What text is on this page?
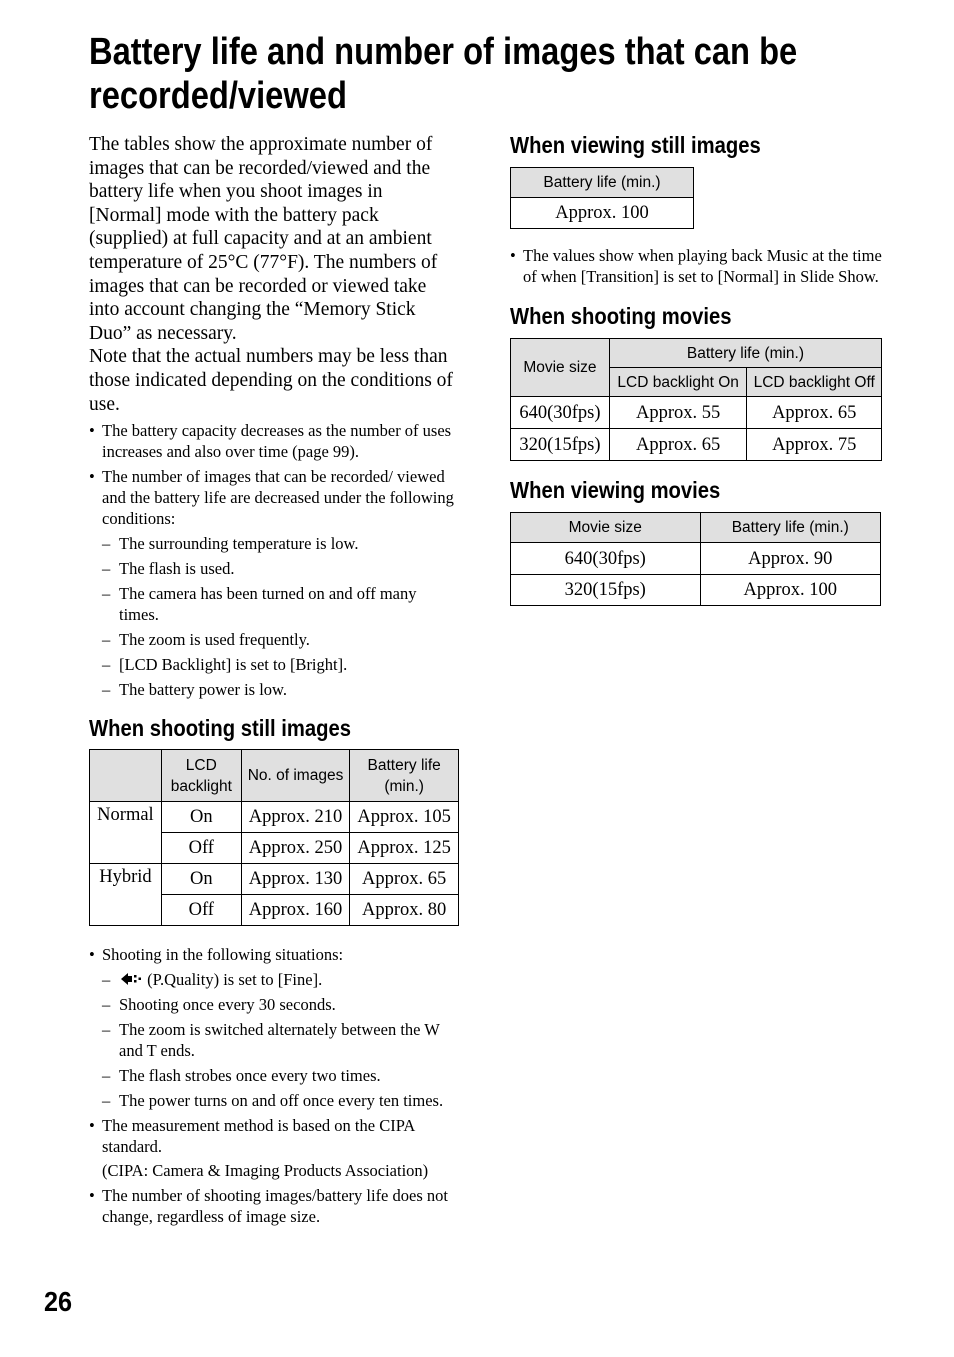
Battery life and number of images that can be recorded/viewed

The tables show the approximate number of images that can be recorded/viewed and the battery life when you shoot images in [Normal] mode with the battery pack (supplied) at full capacity and at an ambient temperature of 25°C (77°F). The numbers of images that can be recorded or viewed take into account changing the “Memory Stick Duo” as necessary.
Note that the actual numbers may be less than those indicated depending on the conditions of use.

• The battery capacity decreases as the number of uses increases and also over time (page 99).
• The number of images that can be recorded/ viewed and the battery life are decreased under the following conditions:
– The surrounding temperature is low.
– The flash is used.
– The camera has been turned on and off many times.
– The zoom is used frequently.
– [LCD Backlight] is set to [Bright].
– The battery power is low.
When shooting still images
	LCD backlight	No. of images	Battery life (min.)
Normal	On	Approx. 210	Approx. 105
	Off	Approx. 250	Approx. 125
Hybrid	On	Approx. 130	Approx. 65
	Off	Approx. 160	Approx. 80
• Shooting in the following situations:
– (P.Quality) is set to [Fine].
– Shooting once every 30 seconds.
– The zoom is switched alternately between the W and T ends.
– The flash strobes once every two times.
– The power turns on and off once every ten times.
• The measurement method is based on the CIPA standard.
(CIPA: Camera & Imaging Products Association)
• The number of shooting images/battery life does not change, regardless of image size.
When viewing still images
Battery life (min.)
Approx. 100
• The values show when playing back Music at the time of when [Transition] is set to [Normal] in Slide Show.
When shooting movies
Movie size	Battery life (min.)	
	LCD backlight On	LCD backlight Off
640(30fps)	Approx. 55	Approx. 65
320(15fps)	Approx. 65	Approx. 75
When viewing movies
Movie size	Battery life (min.)
640(30fps)	Approx. 90
320(15fps)	Approx. 100
26
